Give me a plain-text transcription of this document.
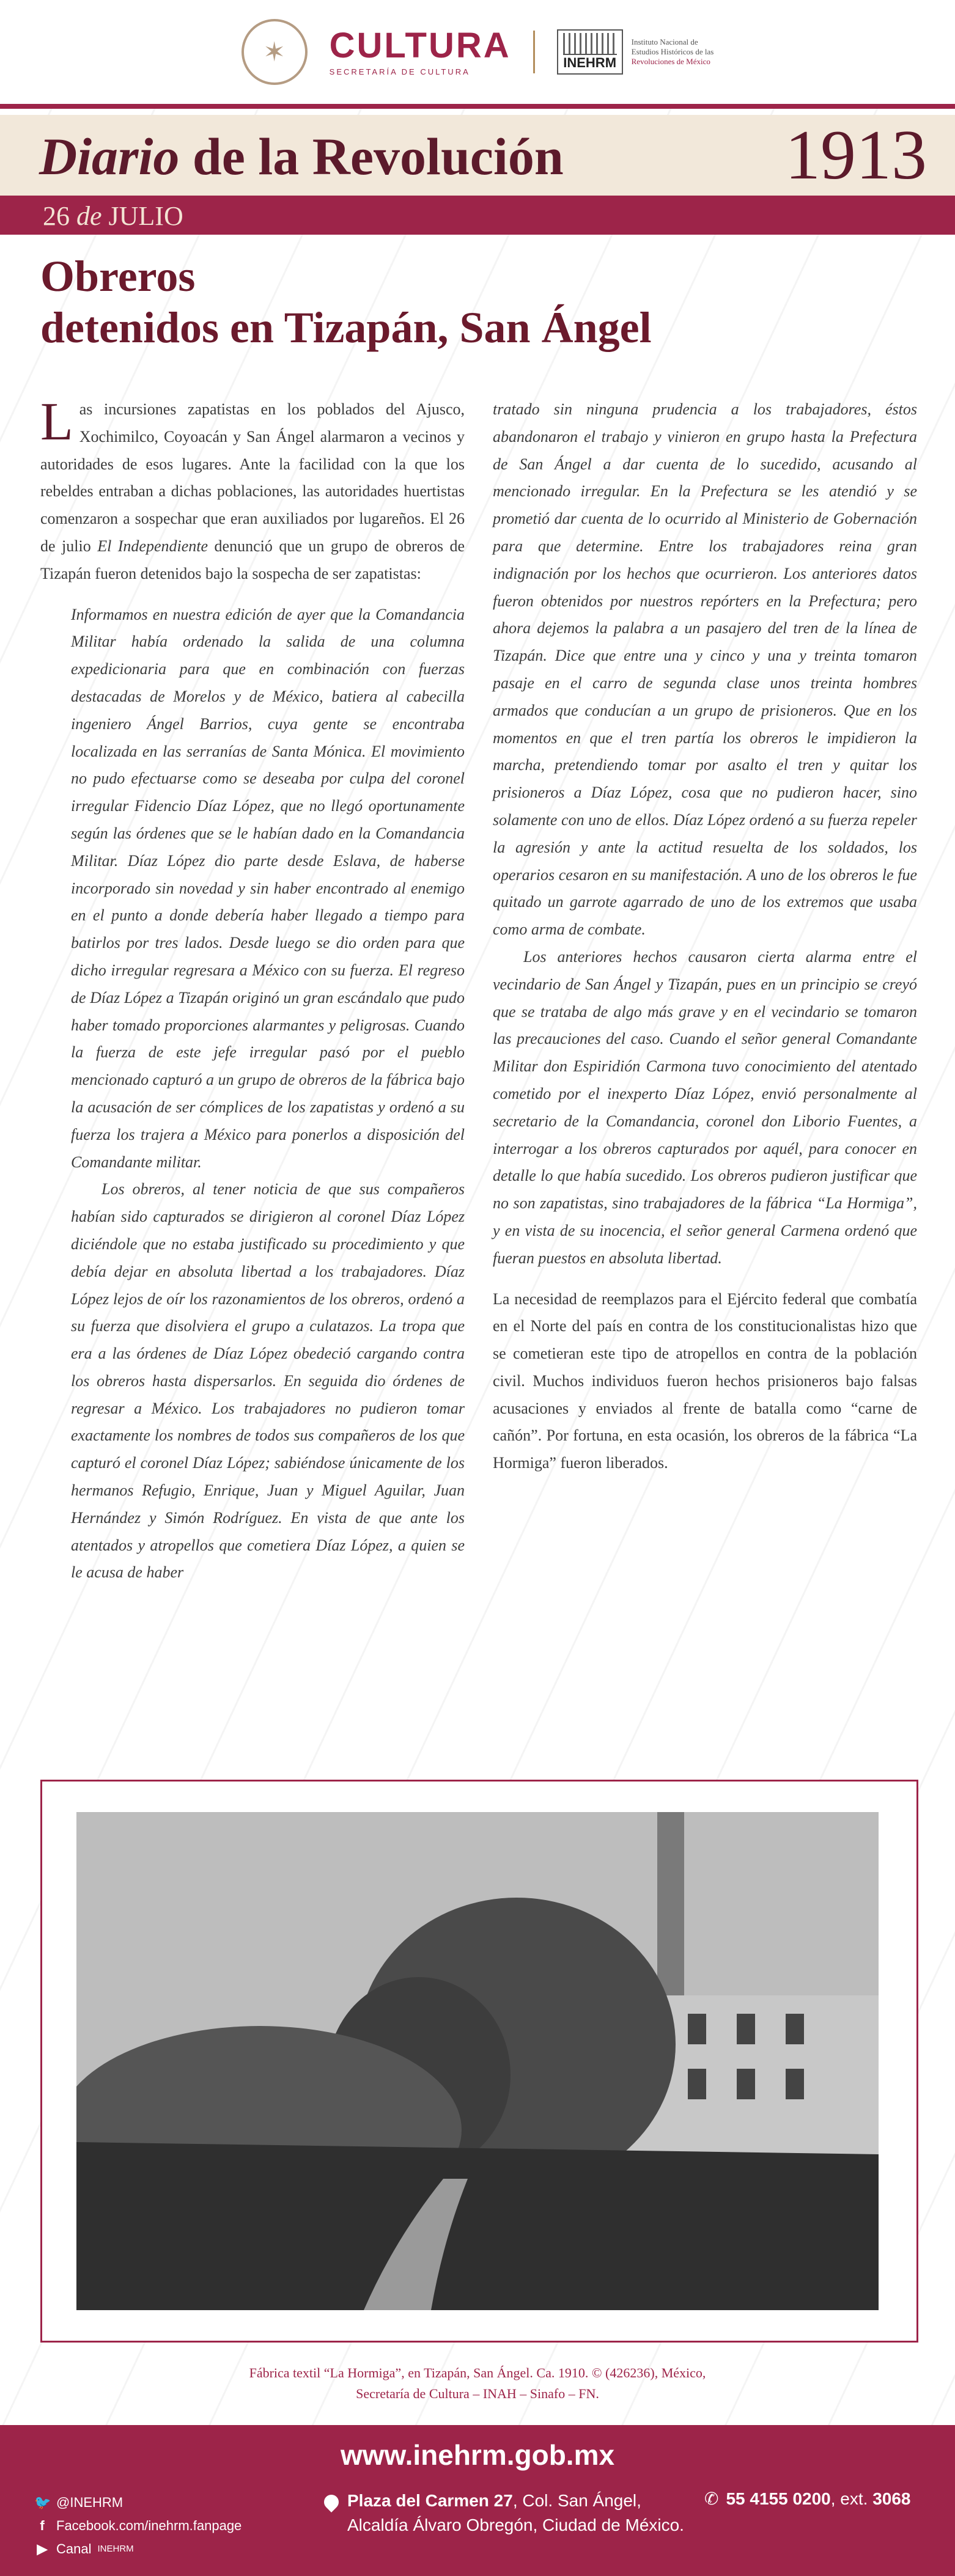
✶	CULTURA
SECRETARÍA DE CULTURA
INEHRM
Instituto Nacional de
Estudios Históricos de las
Revoluciones de México
Diario de la Revolución	1913
26 de JULIO
Obreros
detenidos en Tizapán, San Ángel

Las incursiones zapatistas en los poblados del Ajusco, Xochimilco, Coyoacán y San Ángel alarmaron a vecinos y autoridades de esos lugares. Ante la facilidad con la que los rebeldes entraban a dichas poblaciones, las autoridades huertistas comenzaron a sospechar que eran auxiliados por lugareños. El 26 de julio El Independiente denunció que un grupo de obreros de Tizapán fueron detenidos bajo la sospecha de ser zapatistas:

Informamos en nuestra edición de ayer que la Comandancia Militar había ordenado la salida de una columna expedicionaria para que en combinación con fuerzas destacadas de Morelos y de México, batiera al cabecilla ingeniero Ángel Barrios, cuya gente se encontraba localizada en las serranías de Santa Mónica. El movimiento no pudo efectuarse como se deseaba por culpa del coronel irregular Fidencio Díaz López, que no llegó oportunamente según las órdenes que se le habían dado en la Comandancia Militar. Díaz López dio parte desde Eslava, de haberse incorporado sin novedad y sin haber encontrado al enemigo en el punto a donde debería haber llegado a tiempo para batirlos por tres lados. Desde luego se dio orden para que dicho irregular regresara a México con su fuerza. El regreso de Díaz López a Tizapán originó un gran escándalo que pudo haber tomado proporciones alarmantes y peligrosas. Cuando la fuerza de este jefe irregular pasó por el pueblo mencionado capturó a un grupo de obreros de la fábrica bajo la acusación de ser cómplices de los zapatistas y ordenó a su fuerza los trajera a México para ponerlos a disposición del Comandante militar.

Los obreros, al tener noticia de que sus compañeros habían sido capturados se dirigieron al coronel Díaz López diciéndole que no estaba justificado su procedimiento y que debía dejar en absoluta libertad a los trabajadores. Díaz López lejos de oír los razonamientos de los obreros, ordenó a su fuerza que disolviera el grupo a culatazos. La tropa que era a las órdenes de Díaz López obedeció cargando contra los obreros hasta dispersarlos. En seguida dio órdenes de regresar a México. Los trabajadores no pudieron tomar exactamente los nombres de todos sus compañeros de los que capturó el coronel Díaz López; sabiéndose únicamente de los hermanos Refugio, Enrique, Juan y Miguel Aguilar, Juan Hernández y Simón Rodríguez. En vista de que ante los atentados y atropellos que cometiera Díaz López, a quien se le acusa de haber

tratado sin ninguna prudencia a los trabajadores, éstos abandonaron el trabajo y vinieron en grupo hasta la Prefectura de San Ángel a dar cuenta de lo sucedido, acusando al mencionado irregular. En la Prefectura se les atendió y se prometió dar cuenta de lo ocurrido al Ministerio de Gobernación para que determine. Entre los trabajadores reina gran indignación por los hechos que ocurrieron. Los anteriores datos fueron obtenidos por nuestros repórters en la Prefectura; pero ahora dejemos la palabra a un pasajero del tren de la línea de Tizapán. Dice que entre una y cinco y una y treinta tomaron pasaje en el carro de segunda clase unos treinta hombres armados que conducían a un grupo de prisioneros. Que en los momentos en que el tren partía los obreros le impidieron la marcha, pretendiendo tomar por asalto el tren y quitar los prisioneros a Díaz López, cosa que no pudieron hacer, sino solamente con uno de ellos. Díaz López ordenó a su fuerza repeler la agresión y ante la actitud resuelta de los soldados, los operarios cesaron en su manifestación. A uno de los obreros le fue quitado un garrote agarrado de uno de los extremos que usaba como arma de combate.

Los anteriores hechos causaron cierta alarma entre el vecindario de San Ángel y Tizapán, pues en un principio se creyó que se trataba de algo más grave y en el vecindario se tomaron las precauciones del caso. Cuando el señor general Comandante Militar don Espiridión Carmona tuvo conocimiento del atentado cometido por el inexperto Díaz López, envió personalmente al secretario de la Comandancia, coronel don Liborio Fuentes, a interrogar a los obreros capturados por aquél, para conocer en detalle lo que había sucedido. Los obreros pudieron justificar que no son zapatistas, sino trabajadores de la fábrica “La Hormiga”, y en vista de su inocencia, el señor general Carmena ordenó que fueran puestos en absoluta libertad.

La necesidad de reemplazos para el Ejército federal que combatía en el Norte del país en contra de los constitucionalistas hizo que se cometieran este tipo de atropellos en contra de la población civil. Muchos individuos fueron hechos prisioneros bajo falsas acusaciones y enviados al frente de batalla como “carne de cañón”. Por fortuna, en esta ocasión, los obreros de la fábrica “La Hormiga” fueron liberados.

Fábrica textil “La Hormiga”, en Tizapán, San Ángel. Ca. 1910. © (426236), México,
Secretaría de Cultura – INAH – Sinafo – FN.
www.inehrm.gob.mx
🐦 @INEHRM
f Facebook.com/inehrm.fanpage
▶ Canal INEHRM
Plaza del Carmen 27, Col. San Ángel,
Alcaldía Álvaro Obregón, Ciudad de México.
✆ 55 4155 0200, ext. 3068
